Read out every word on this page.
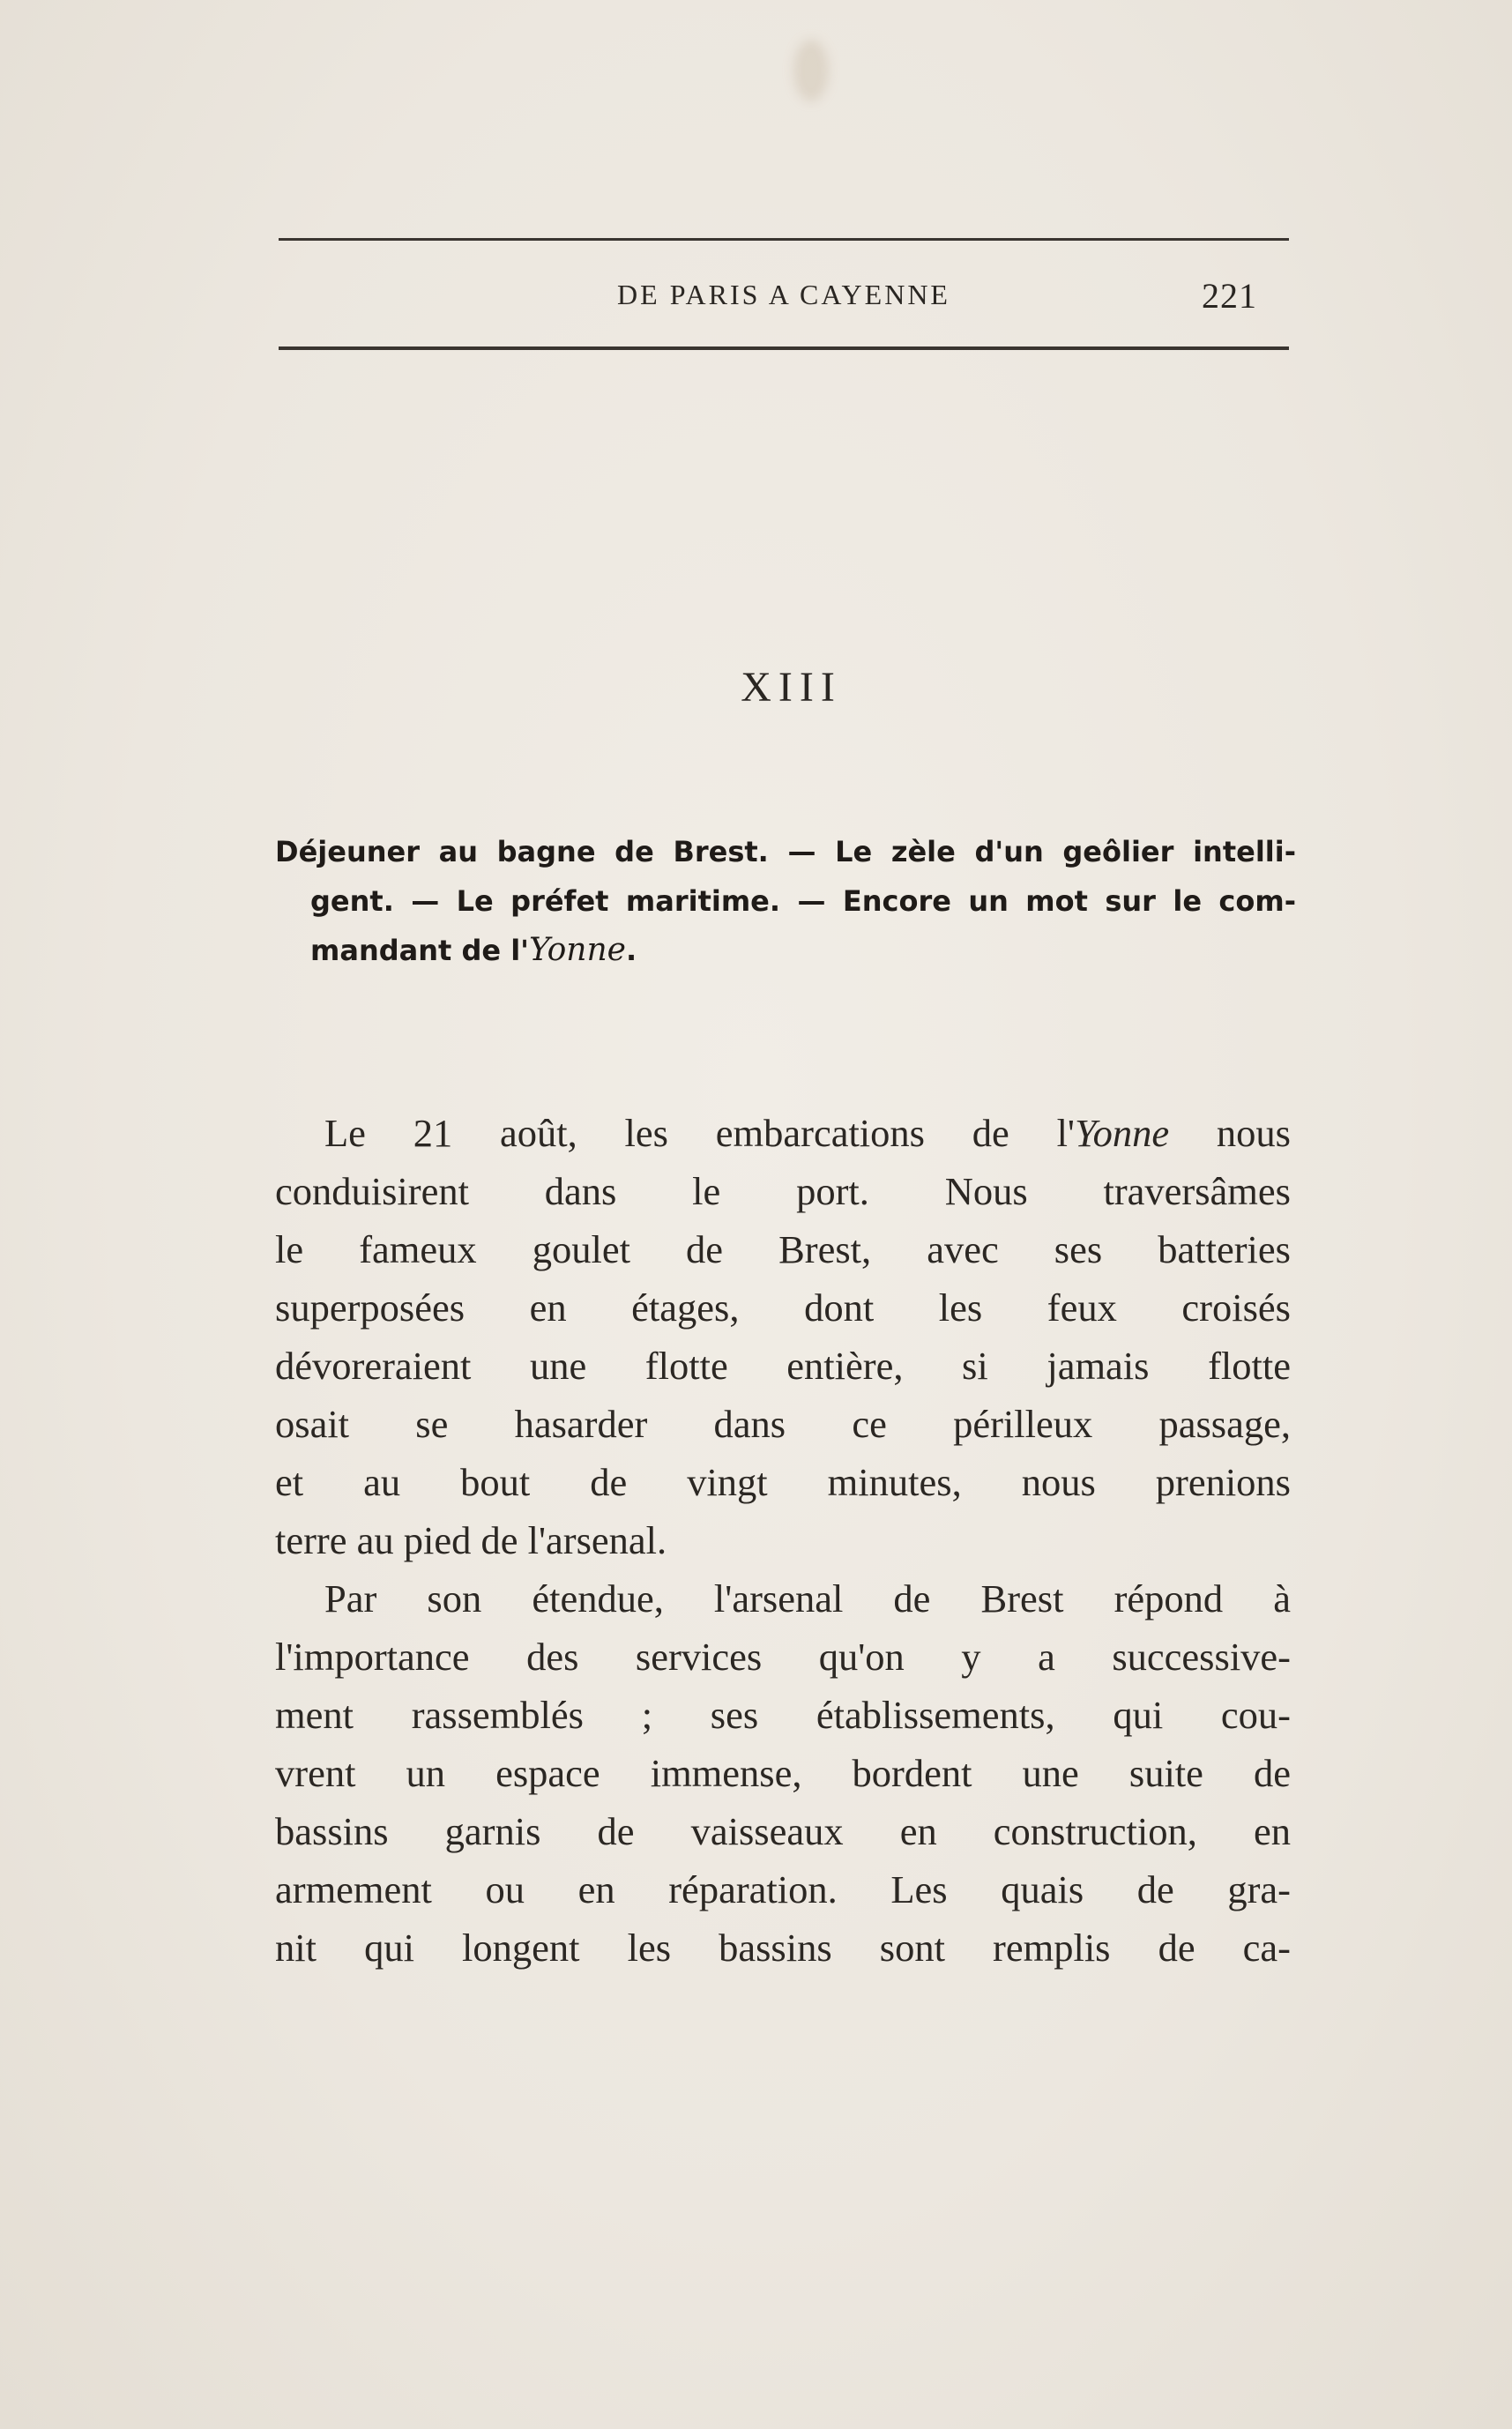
DE PARIS A CAYENNE	221
XIII
Déjeuner au bagne de Brest. — Le zèle d'un geôlier intelli-
gent. — Le préfet maritime. — Encore un mot sur le com-
mandant de l'Yonne.
Le 21 août, les embarcations de l'Yonne nous
conduisirent dans le port. Nous traversâmes
le fameux goulet de Brest, avec ses batteries
superposées en étages, dont les feux croisés
dévoreraient une flotte entière, si jamais flotte
osait se hasarder dans ce périlleux passage,
et au bout de vingt minutes, nous prenions
terre au pied de l'arsenal.
Par son étendue, l'arsenal de Brest répond à
l'importance des services qu'on y a successive-
ment rassemblés ; ses établissements, qui cou-
vrent un espace immense, bordent une suite de
bassins garnis de vaisseaux en construction, en
armement ou en réparation. Les quais de gra-
nit qui longent les bassins sont remplis de ca-
